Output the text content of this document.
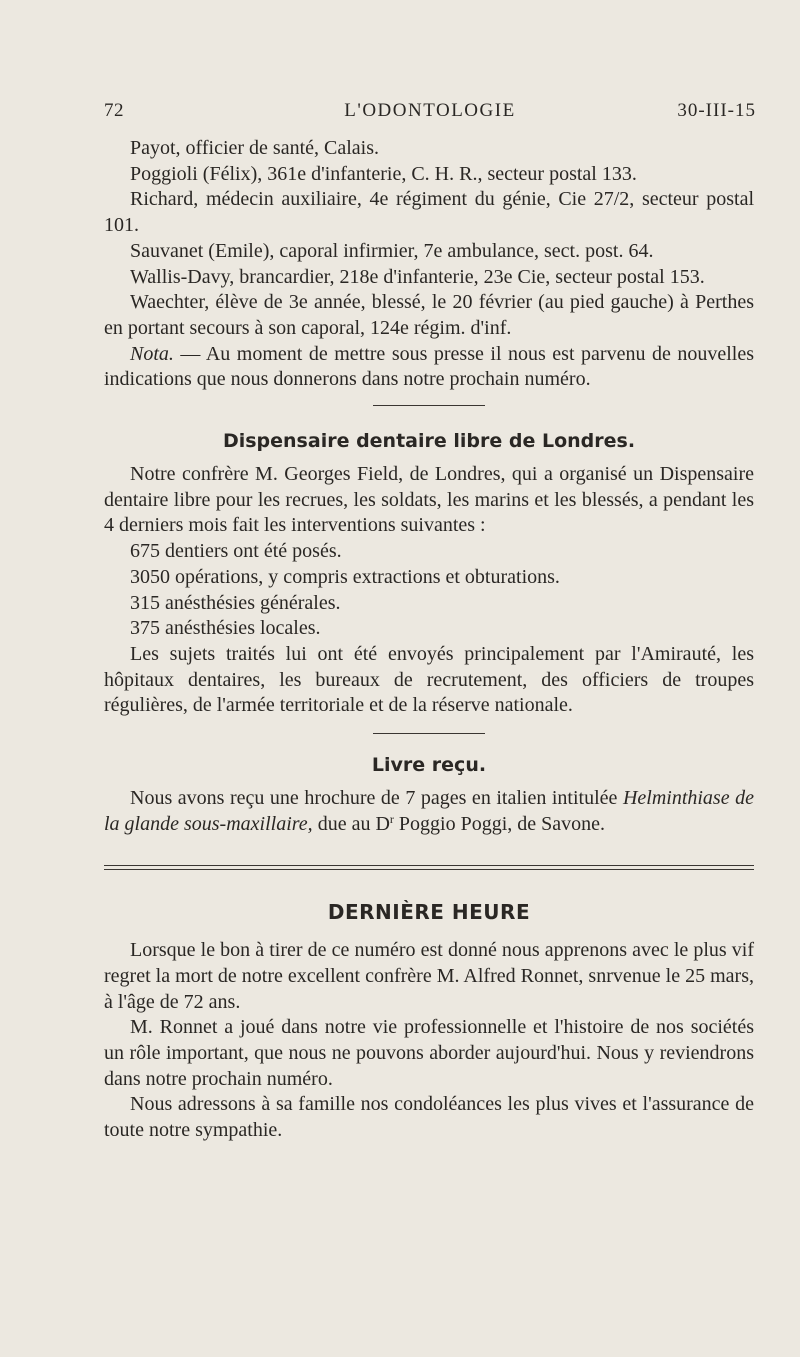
72	L'ODONTOLOGIE	30-III-15

Payot, officier de santé, Calais.

Poggioli (Félix), 361e d'infanterie, C. H. R., secteur postal 133.

Richard, médecin auxiliaire, 4e régiment du génie, Cie 27/2, secteur postal 101.

Sauvanet (Emile), caporal infirmier, 7e ambulance, sect. post. 64.

Wallis-Davy, brancardier, 218e d'infanterie, 23e Cie, secteur postal 153.

Waechter, élève de 3e année, blessé, le 20 février (au pied gauche) à Perthes en portant secours à son caporal, 124e régim. d'inf.

Nota. — Au moment de mettre sous presse il nous est parvenu de nouvelles indications que nous donnerons dans notre prochain numéro.

Dispensaire dentaire libre de Londres.

Notre confrère M. Georges Field, de Londres, qui a organisé un Dispensaire dentaire libre pour les recrues, les soldats, les marins et les blessés, a pendant les 4 derniers mois fait les interventions suivantes :

675 dentiers ont été posés.

3050 opérations, y compris extractions et obturations.

315 anésthésies générales.

375 anésthésies locales.

Les sujets traités lui ont été envoyés principalement par l'Amirauté, les hôpitaux dentaires, les bureaux de recrutement, des officiers de troupes régulières, de l'armée territoriale et de la réserve nationale.

Livre reçu.

Nous avons reçu une hrochure de 7 pages en italien intitulée Helminthiase de la glande sous-maxillaire, due au $D^r$ Poggio Poggi, de Savone.

DERNIÈRE HEURE

Lorsque le bon à tirer de ce numéro est donné nous apprenons avec le plus vif regret la mort de notre excellent confrère M. Alfred Ronnet, snrvenue le 25 mars, à l'âge de 72 ans.

M. Ronnet a joué dans notre vie professionnelle et l'histoire de nos sociétés un rôle important, que nous ne pouvons aborder aujourd'hui. Nous y reviendrons dans notre prochain numéro.

Nous adressons à sa famille nos condoléances les plus vives et l'assurance de toute notre sympathie.
